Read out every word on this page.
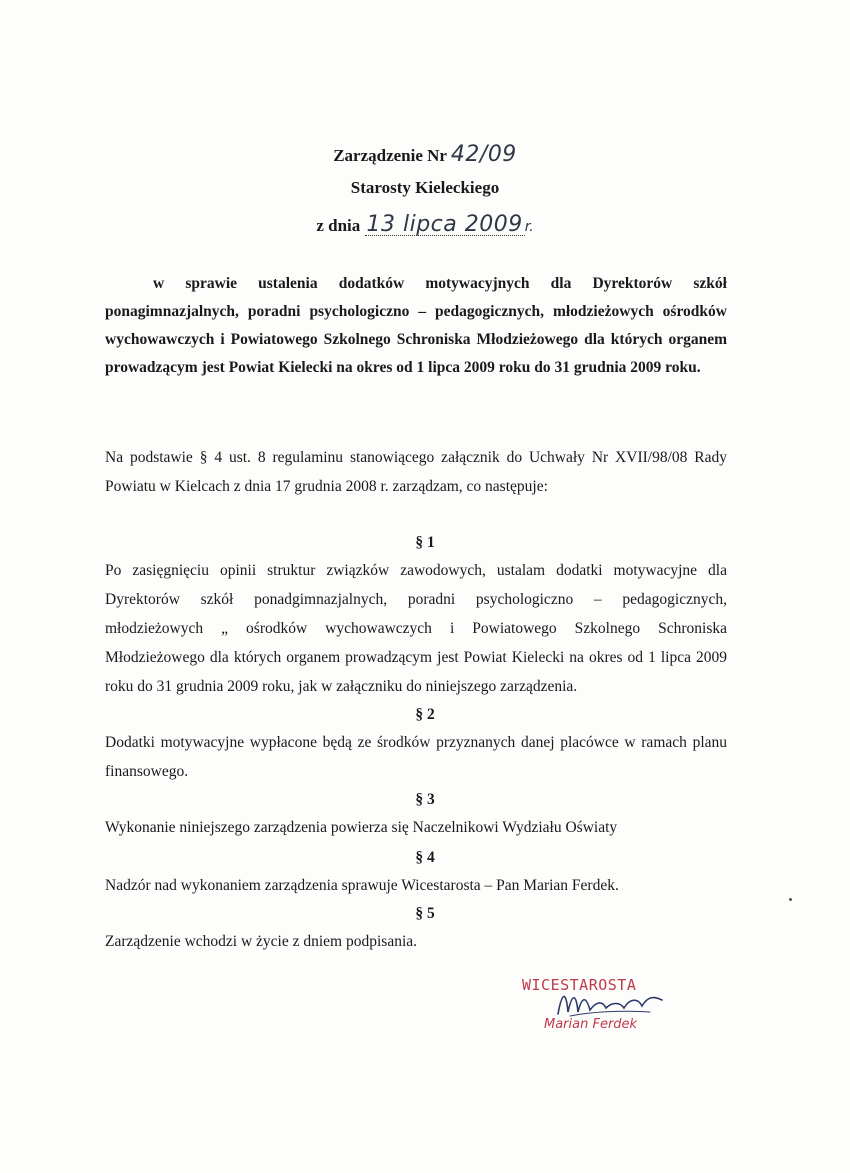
Zarządzenie Nr 42/09
Starosty Kieleckiego
z dnia 13 lipca 2009 r.
w sprawie ustalenia dodatków motywacyjnych dla Dyrektorów szkół ponagimnazjalnych, poradni psychologiczno – pedagogicznych, młodzieżowych ośrodków wychowawczych i Powiatowego Szkolnego Schroniska Młodzieżowego dla których organem prowadzącym jest Powiat Kielecki na okres od 1 lipca 2009 roku do 31 grudnia 2009 roku.
Na podstawie § 4 ust. 8 regulaminu stanowiącego załącznik do Uchwały Nr XVII/98/08 Rady Powiatu w Kielcach z dnia 17 grudnia 2008 r. zarządzam, co następuje:
§ 1
Po zasięgnięciu opinii struktur związków zawodowych, ustalam dodatki motywacyjne dla Dyrektorów szkół ponadgimnazjalnych, poradni psychologiczno – pedagogicznych, młodzieżowych „ ośrodków wychowawczych i Powiatowego Szkolnego Schroniska Młodzieżowego dla których organem prowadzącym jest Powiat Kielecki na okres od 1 lipca 2009 roku do 31 grudnia 2009 roku, jak w załączniku do niniejszego zarządzenia.
§ 2
Dodatki motywacyjne wypłacone będą ze środków przyznanych danej placówce w ramach planu finansowego.
§ 3
Wykonanie niniejszego zarządzenia powierza się Naczelnikowi Wydziału Oświaty
§ 4
Nadzór nad wykonaniem zarządzenia sprawuje Wicestarosta – Pan Marian Ferdek.
§ 5
Zarządzenie wchodzi w życie z dniem podpisania.
WICESTAROSTA
Marian Ferdek
